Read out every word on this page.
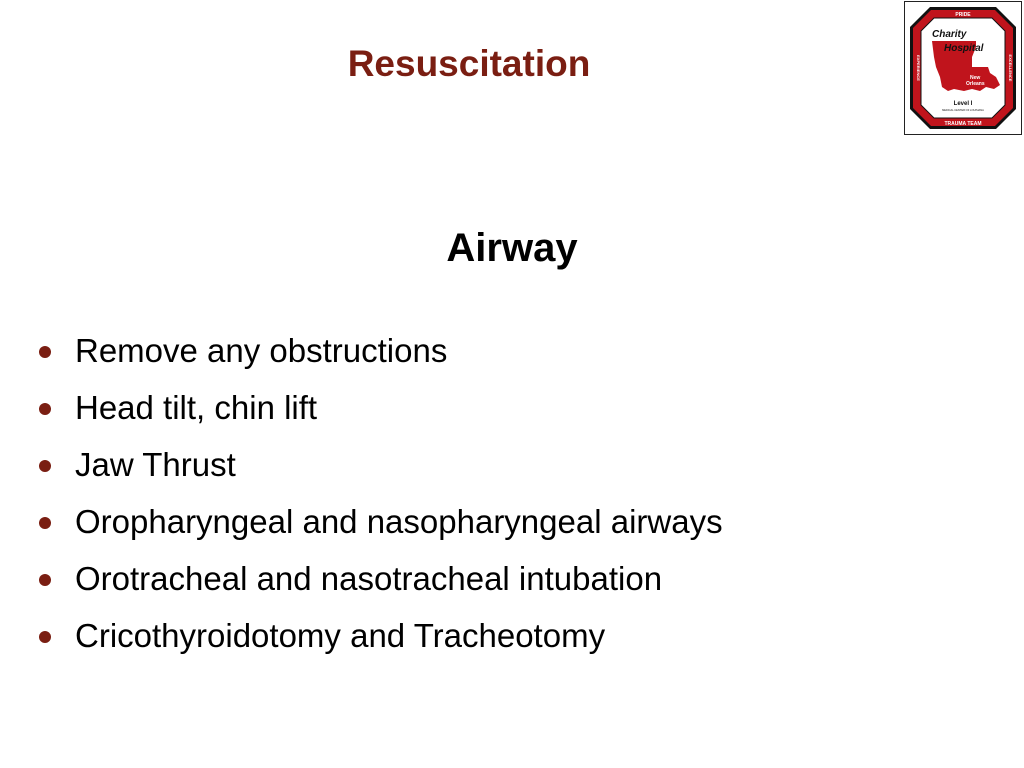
Resuscitation
PRIDE
TRAUMA TEAM
EXPERIENCE	EXCELLENCE
Charity
Hospital
New
Orleans
Level I
MEDICAL CENTER OF LOUISIANA
Airway
Remove any obstructions
Head tilt, chin lift
Jaw Thrust
Oropharyngeal and nasopharyngeal airways
Orotracheal and nasotracheal intubation
Cricothyroidotomy and Tracheotomy
